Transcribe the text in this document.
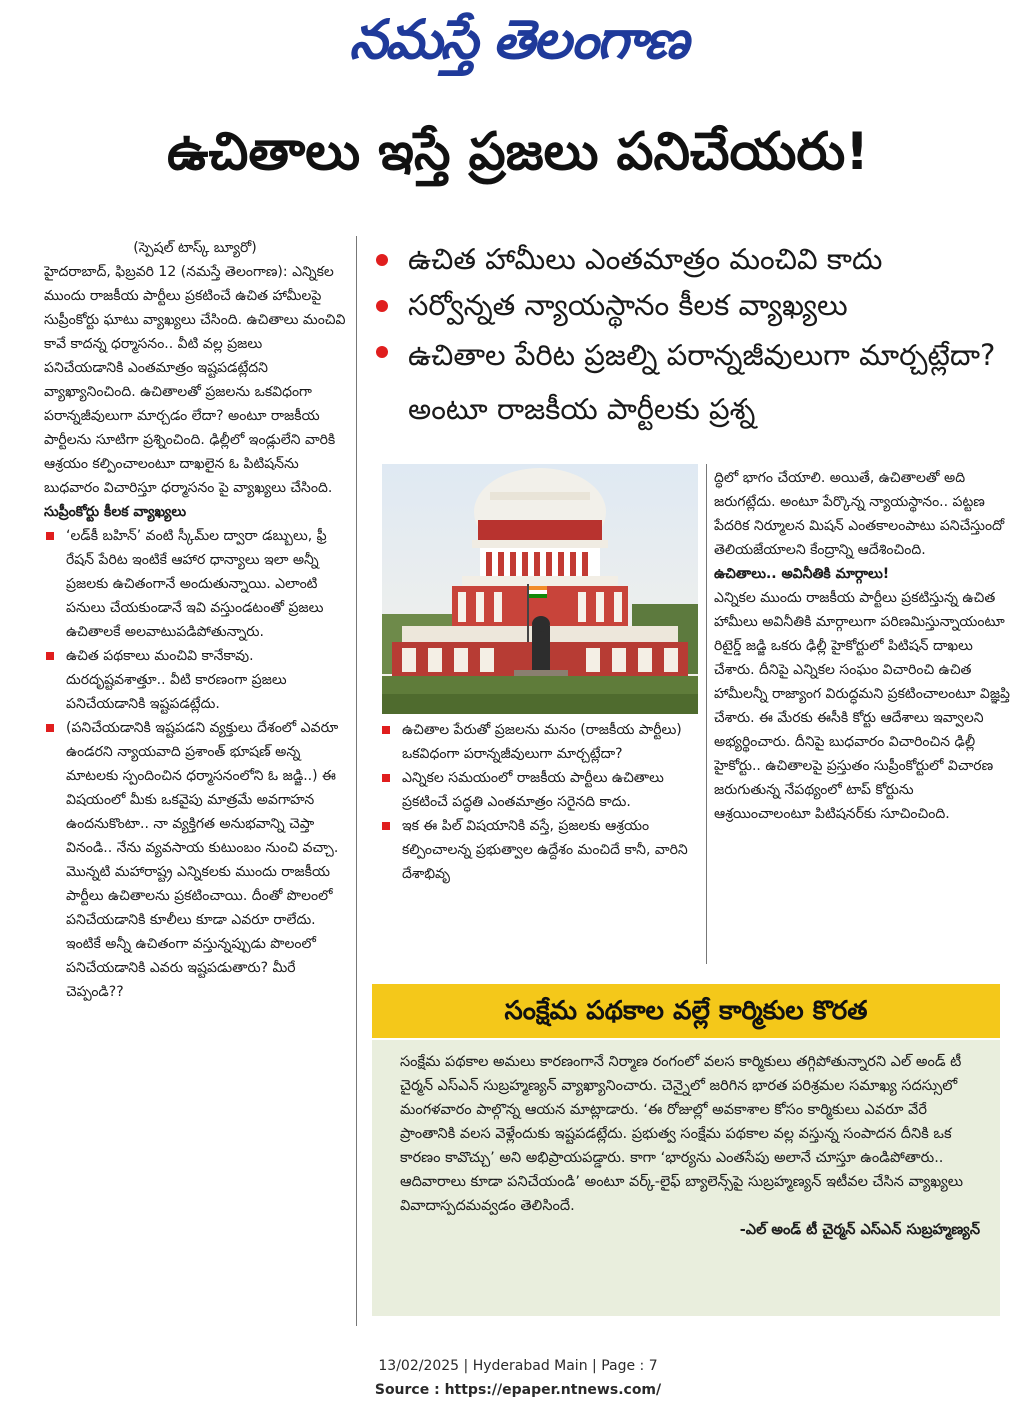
నమస్తే తెలంగాణ
ఉచితాలు ఇస్తే ప్రజలు పనిచేయరు!
ఉచిత హామీలు ఎంతమాత్రం మంచివి కాదు
సర్వోన్నత న్యాయస్థానం కీలక వ్యాఖ్యలు
ఉచితాల పేరిట ప్రజల్ని పరాన్నజీవులుగా మార్చట్లేదా? అంటూ రాజకీయ పార్టీలకు ప్రశ్న

(స్పెషల్ టాస్క్ బ్యూరో)

హైదరాబాద్, ఫిబ్రవరి 12 (నమస్తే తెలంగాణ): ఎన్నికల ముందు రాజకీయ పార్టీలు ప్రకటించే ఉచిత హామీలపై సుప్రీంకోర్టు ఘాటు వ్యాఖ్యలు చేసింది. ఉచితాలు మంచివి కావే కాదన్న ధర్మాసనం.. వీటి వల్ల ప్రజలు పనిచేయడానికి ఎంతమాత్రం ఇష్టపడట్లేదని వ్యాఖ్యానించింది. ఉచితాలతో ప్రజలను ఒకవిధంగా పరాన్నజీవులుగా మార్చడం లేదా? అంటూ రాజకీయ పార్టీలను సూటిగా ప్రశ్నించింది. ఢిల్లీలో ఇండ్లులేని వారికి ఆశ్రయం కల్పించాలంటూ దాఖలైన ఓ పిటిషన్‌ను బుధవారం విచారిస్తూ ధర్మాసనం పై వ్యాఖ్యలు చేసింది.

సుప్రీంకోర్టు కీలక వ్యాఖ్యలు

‘లడ్‌కీ బహిన్’ వంటి స్కీమ్‌ల ద్వారా డబ్బులు, ఫ్రీ రేషన్ పేరిట ఇంటికే ఆహార ధాన్యాలు ఇలా అన్నీ ప్రజలకు ఉచితంగానే అందుతున్నాయి. ఎలాంటి పనులు చేయకుండానే ఇవి వస్తుండటంతో ప్రజలు ఉచితాలకే అలవాటుపడిపోతున్నారు.
ఉచిత పథకాలు మంచివి కానేకావు. దురదృష్టవశాత్తూ.. వీటి కారణంగా ప్రజలు పనిచేయడానికి ఇష్టపడట్లేదు.
(పనిచేయడానికి ఇష్టపడని వ్యక్తులు దేశంలో ఎవరూ ఉండరని న్యాయవాది ప్రశాంత్ భూషణ్ అన్న మాటలకు స్పందించిన ధర్మాసనంలోని ఓ జడ్జి..) ఈ విషయంలో మీకు ఒకవైపు మాత్రమే అవగాహన ఉందనుకొంటా.. నా వ్యక్తిగత అనుభవాన్ని చెప్తా వినండి.. నేను వ్యవసాయ కుటుంబం నుంచి వచ్చా. మొన్నటి మహారాష్ట్ర ఎన్నికలకు ముందు రాజకీయ పార్టీలు ఉచితాలను ప్రకటించాయి. దీంతో పొలంలో పనిచేయడానికి కూలీలు కూడా ఎవరూ రాలేదు. ఇంటికే అన్నీ ఉచితంగా వస్తున్నప్పుడు పొలంలో పనిచేయడానికి ఎవరు ఇష్టపడుతారు? మీరే చెప్పండి??
ఉచితాల పేరుతో ప్రజలను మనం (రాజకీయ పార్టీలు) ఒకవిధంగా పరాన్నజీవులుగా మార్చట్లేదా?
ఎన్నికల సమయంలో రాజకీయ పార్టీలు ఉచితాలు ప్రకటించే పద్ధతి ఎంతమాత్రం సరైనది కాదు.
ఇక ఈ పిల్ విషయానికి వస్తే, ప్రజలకు ఆశ్రయం కల్పించాలన్న ప్రభుత్వాల ఉద్దేశం మంచిదే కానీ, వారిని దేశాభివృ

ద్ధిలో భాగం చేయాలి. అయితే, ఉచితాలతో అది జరుగట్లేదు. అంటూ పేర్కొన్న న్యాయస్థానం.. పట్టణ పేదరిక నిర్మూలన మిషన్ ఎంతకాలంపాటు పనిచేస్తుందో తెలియజేయాలని కేంద్రాన్ని ఆదేశించింది.

ఉచితాలు.. అవినీతికి మార్గాలు!

ఎన్నికల ముందు రాజకీయ పార్టీలు ప్రకటిస్తున్న ఉచిత హామీలు అవినీతికి మార్గాలుగా పరిణమిస్తున్నాయంటూ రిటైర్డ్ జడ్జి ఒకరు ఢిల్లీ హైకోర్టులో పిటిషన్ దాఖలు చేశారు. దీనిపై ఎన్నికల సంఘం విచారించి ఉచిత హామీలన్నీ రాజ్యాంగ విరుద్ధమని ప్రకటించాలంటూ విజ్ఞప్తి చేశారు. ఈ మేరకు ఈసీకి కోర్టు ఆదేశాలు ఇవ్వాలని అభ్యర్థించారు. దీనిపై బుధవారం విచారించిన ఢిల్లీ హైకోర్టు.. ఉచితాలపై ప్రస్తుతం సుప్రీంకోర్టులో విచారణ జరుగుతున్న నేపథ్యంలో టాప్ కోర్టును ఆశ్రయించాలంటూ పిటిషనర్‌కు సూచించింది.

సంక్షేమ పథకాల వల్లే కార్మికుల కొరత

సంక్షేమ పథకాల అమలు కారణంగానే నిర్మాణ రంగంలో వలస కార్మికులు తగ్గిపోతున్నారని ఎల్ అండ్ టీ చైర్మన్ ఎస్ఎన్ సుబ్రహ్మణ్యన్ వ్యాఖ్యానించారు. చెన్నైలో జరిగిన భారత పరిశ్రమల సమాఖ్య సదస్సులో మంగళవారం పాల్గొన్న ఆయన మాట్లాడారు. ‘ఈ రోజుల్లో అవకాశాల కోసం కార్మికులు ఎవరూ వేరే ప్రాంతానికి వలస వెళ్లేందుకు ఇష్టపడట్లేదు. ప్రభుత్వ సంక్షేమ పథకాల వల్ల వస్తున్న సంపాదన దీనికి ఒక కారణం కావొచ్చు’ అని అభిప్రాయపడ్డారు. కాగా ‘భార్యను ఎంతసేపు అలానే చూస్తూ ఉండిపోతారు.. ఆదివారాలు కూడా పనిచేయండి’ అంటూ వర్క్-లైఫ్ బ్యాలెన్స్‌పై సుబ్రహ్మణ్యన్ ఇటీవల చేసిన వ్యాఖ్యలు వివాదాస్పదమవ్వడం తెలిసిందే.

-ఎల్ అండ్ టీ చైర్మన్ ఎస్ఎన్ సుబ్రహ్మణ్యన్

13/02/2025 | Hyderabad Main | Page : 7
Source : https://epaper.ntnews.com/
